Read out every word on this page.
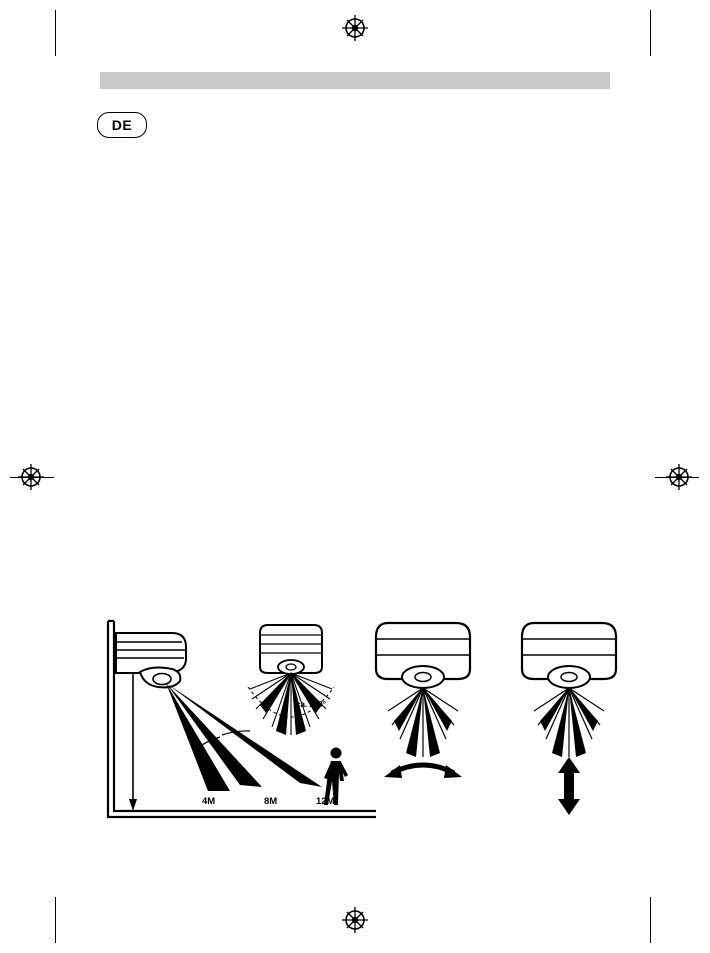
DE
4M	8M	12M
ca. 240°
